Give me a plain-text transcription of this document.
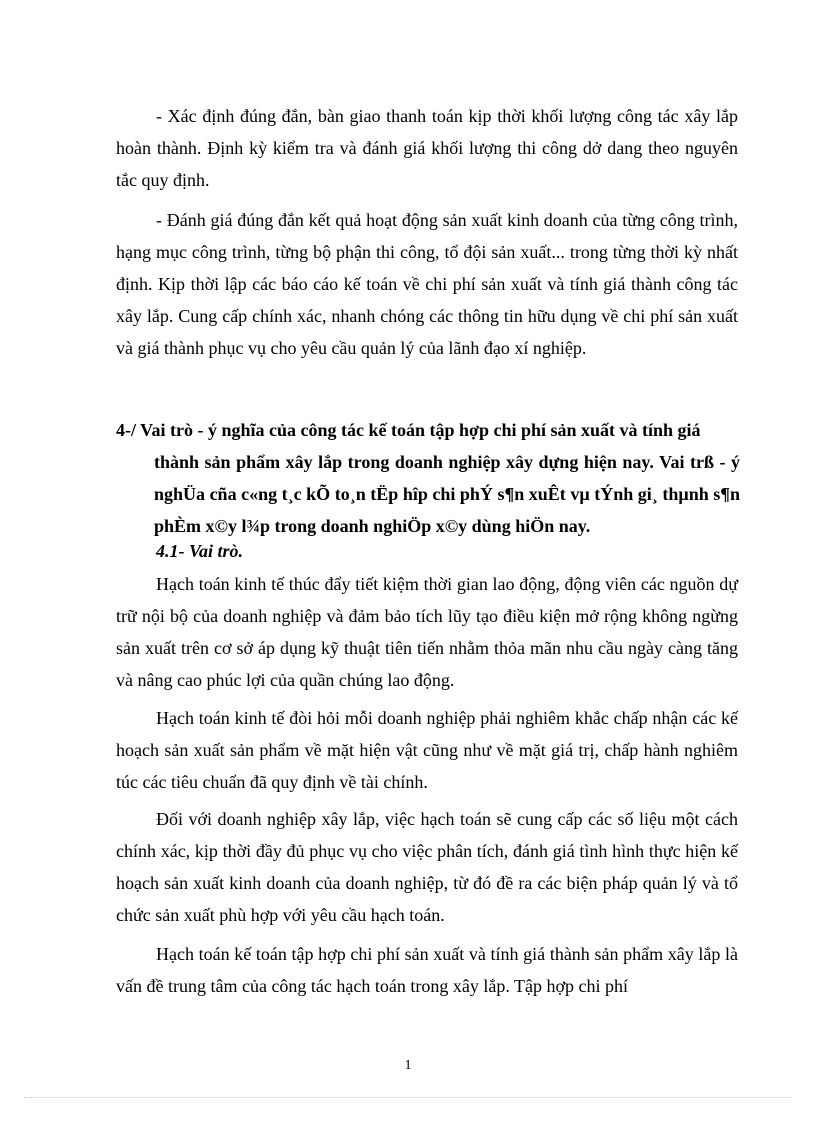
- Xác định đúng đắn, bàn giao thanh toán kịp thời khối lượng công tác xây lắp hoàn thành. Định kỳ kiểm tra và đánh giá khối lượng thi công dở dang theo nguyên tắc quy định.

- Đánh giá đúng đắn kết quả hoạt động sản xuất kinh doanh của từng công trình, hạng mục công trình, từng bộ phận thi công, tổ đội sản xuất... trong từng thời kỳ nhất định. Kịp thời lập các báo cáo kế toán về chi phí sản xuất và tính giá thành công tác xây lắp. Cung cấp chính xác, nhanh chóng các thông tin hữu dụng về chi phí sản xuất và giá thành phục vụ cho yêu cầu quản lý của lãnh đạo xí nghiệp.

4-/ Vai trò - ý nghĩa của công tác kế toán tập hợp chi phí sản xuất và tính giá
thành sản phẩm xây lắp trong doanh nghiệp xây dựng hiện nay. Vai trß - ý nghÜa cña c«ng t¸c kÕ to¸n tËp hîp chi phÝ s¶n xuÊt vµ tÝnh gi¸ thµnh s¶n phÈm x©y l¾p trong doanh nghiÖp x©y dùng hiÖn nay.

4.1- Vai trò.

Hạch toán kinh tế thúc đẩy tiết kiệm thời gian lao động, động viên các nguồn dự trữ nội bộ của doanh nghiệp và đảm bảo tích lũy tạo điều kiện mở rộng không ngừng sản xuất trên cơ sở áp dụng kỹ thuật tiên tiến nhằm thỏa mãn nhu cầu ngày càng tăng và nâng cao phúc lợi của quần chúng lao động.

Hạch toán kinh tế đòi hỏi mỗi doanh nghiệp phải nghiêm khắc chấp nhận các kế hoạch sản xuất sản phẩm về mặt hiện vật cũng như về mặt giá trị, chấp hành nghiêm túc các tiêu chuẩn đã quy định về tài chính.

Đối với doanh nghiệp xây lắp, việc hạch toán sẽ cung cấp các số liệu một cách chính xác, kịp thời đầy đủ phục vụ cho việc phân tích, đánh giá tình hình thực hiện kế hoạch sản xuất kinh doanh của doanh nghiệp, từ đó đề ra các biện pháp quản lý và tổ chức sản xuất phù hợp với yêu cầu hạch toán.

Hạch toán kế toán tập hợp chi phí sản xuất và tính giá thành sản phẩm xây lắp là vấn đề trung tâm của công tác hạch toán trong xây lắp. Tập hợp chi phí

1
